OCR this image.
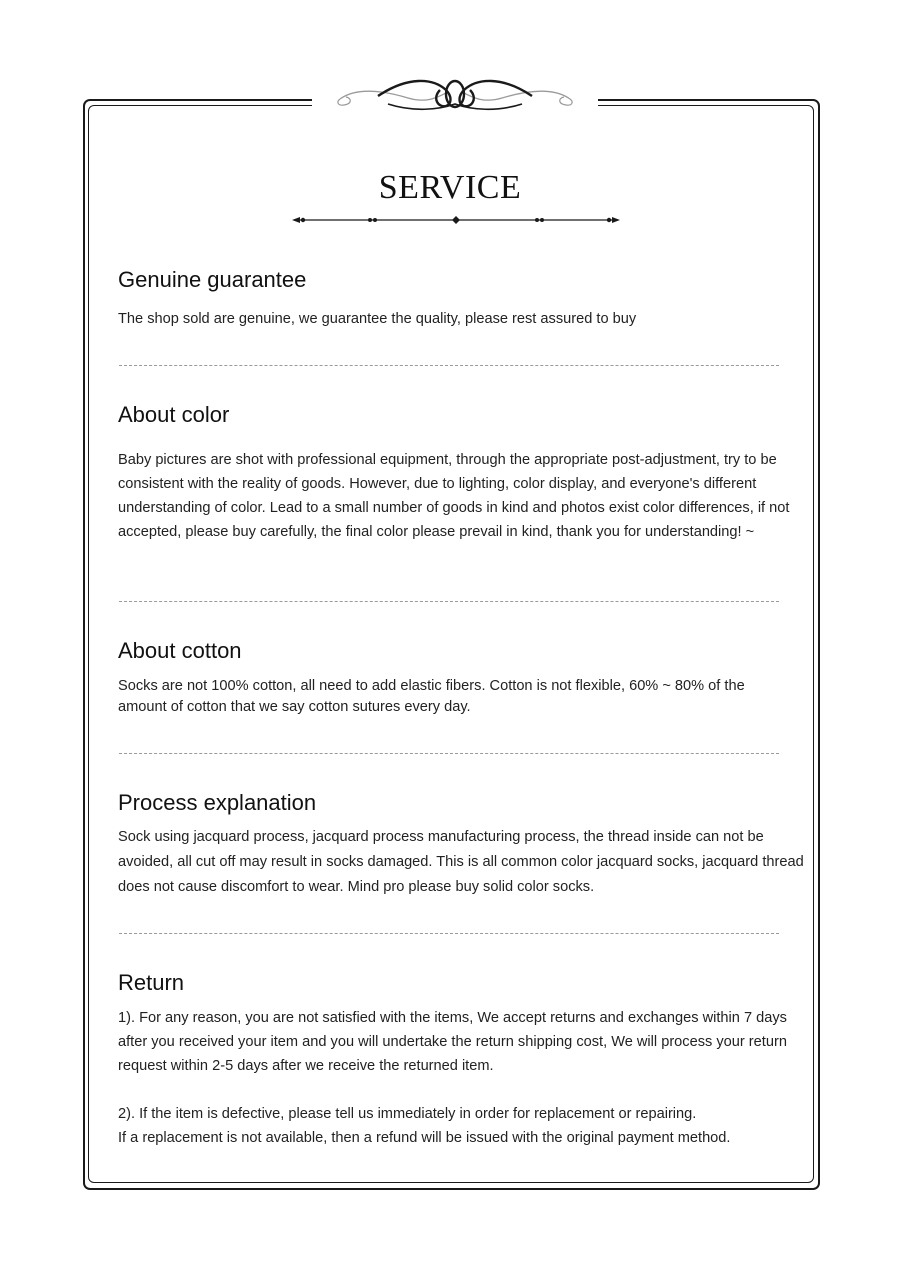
SERVICE
Genuine guarantee

The shop sold are genuine, we guarantee the quality, please rest assured to buy

About color

Baby pictures are shot with professional equipment, through the appropriate post-adjustment, try to be consistent with the reality of goods. However, due to lighting, color display, and everyone's different understanding of color. Lead to a small number of goods in kind and photos exist color differences, if not accepted, please buy carefully, the final color please prevail in kind, thank you for understanding! ~

About cotton

Socks are not 100% cotton, all need to add elastic fibers. Cotton is not flexible, 60% ~ 80% of the amount of cotton that we say cotton sutures every day.

Process explanation

Sock using jacquard process, jacquard process manufacturing process, the thread inside can not be avoided, all cut off may result in socks damaged. This is all common color jacquard socks, jacquard thread does not cause discomfort to wear. Mind pro please buy solid color socks.

Return

1). For any reason, you are not satisfied with the items, We accept returns and exchanges within 7 days after you received your item and you will undertake the return shipping cost, We will process your return request within 2-5 days after we receive the returned item.

2). If the item is defective, please tell us immediately in order for replacement or repairing.

If a replacement is not available, then a refund will be issued with the original payment method.
